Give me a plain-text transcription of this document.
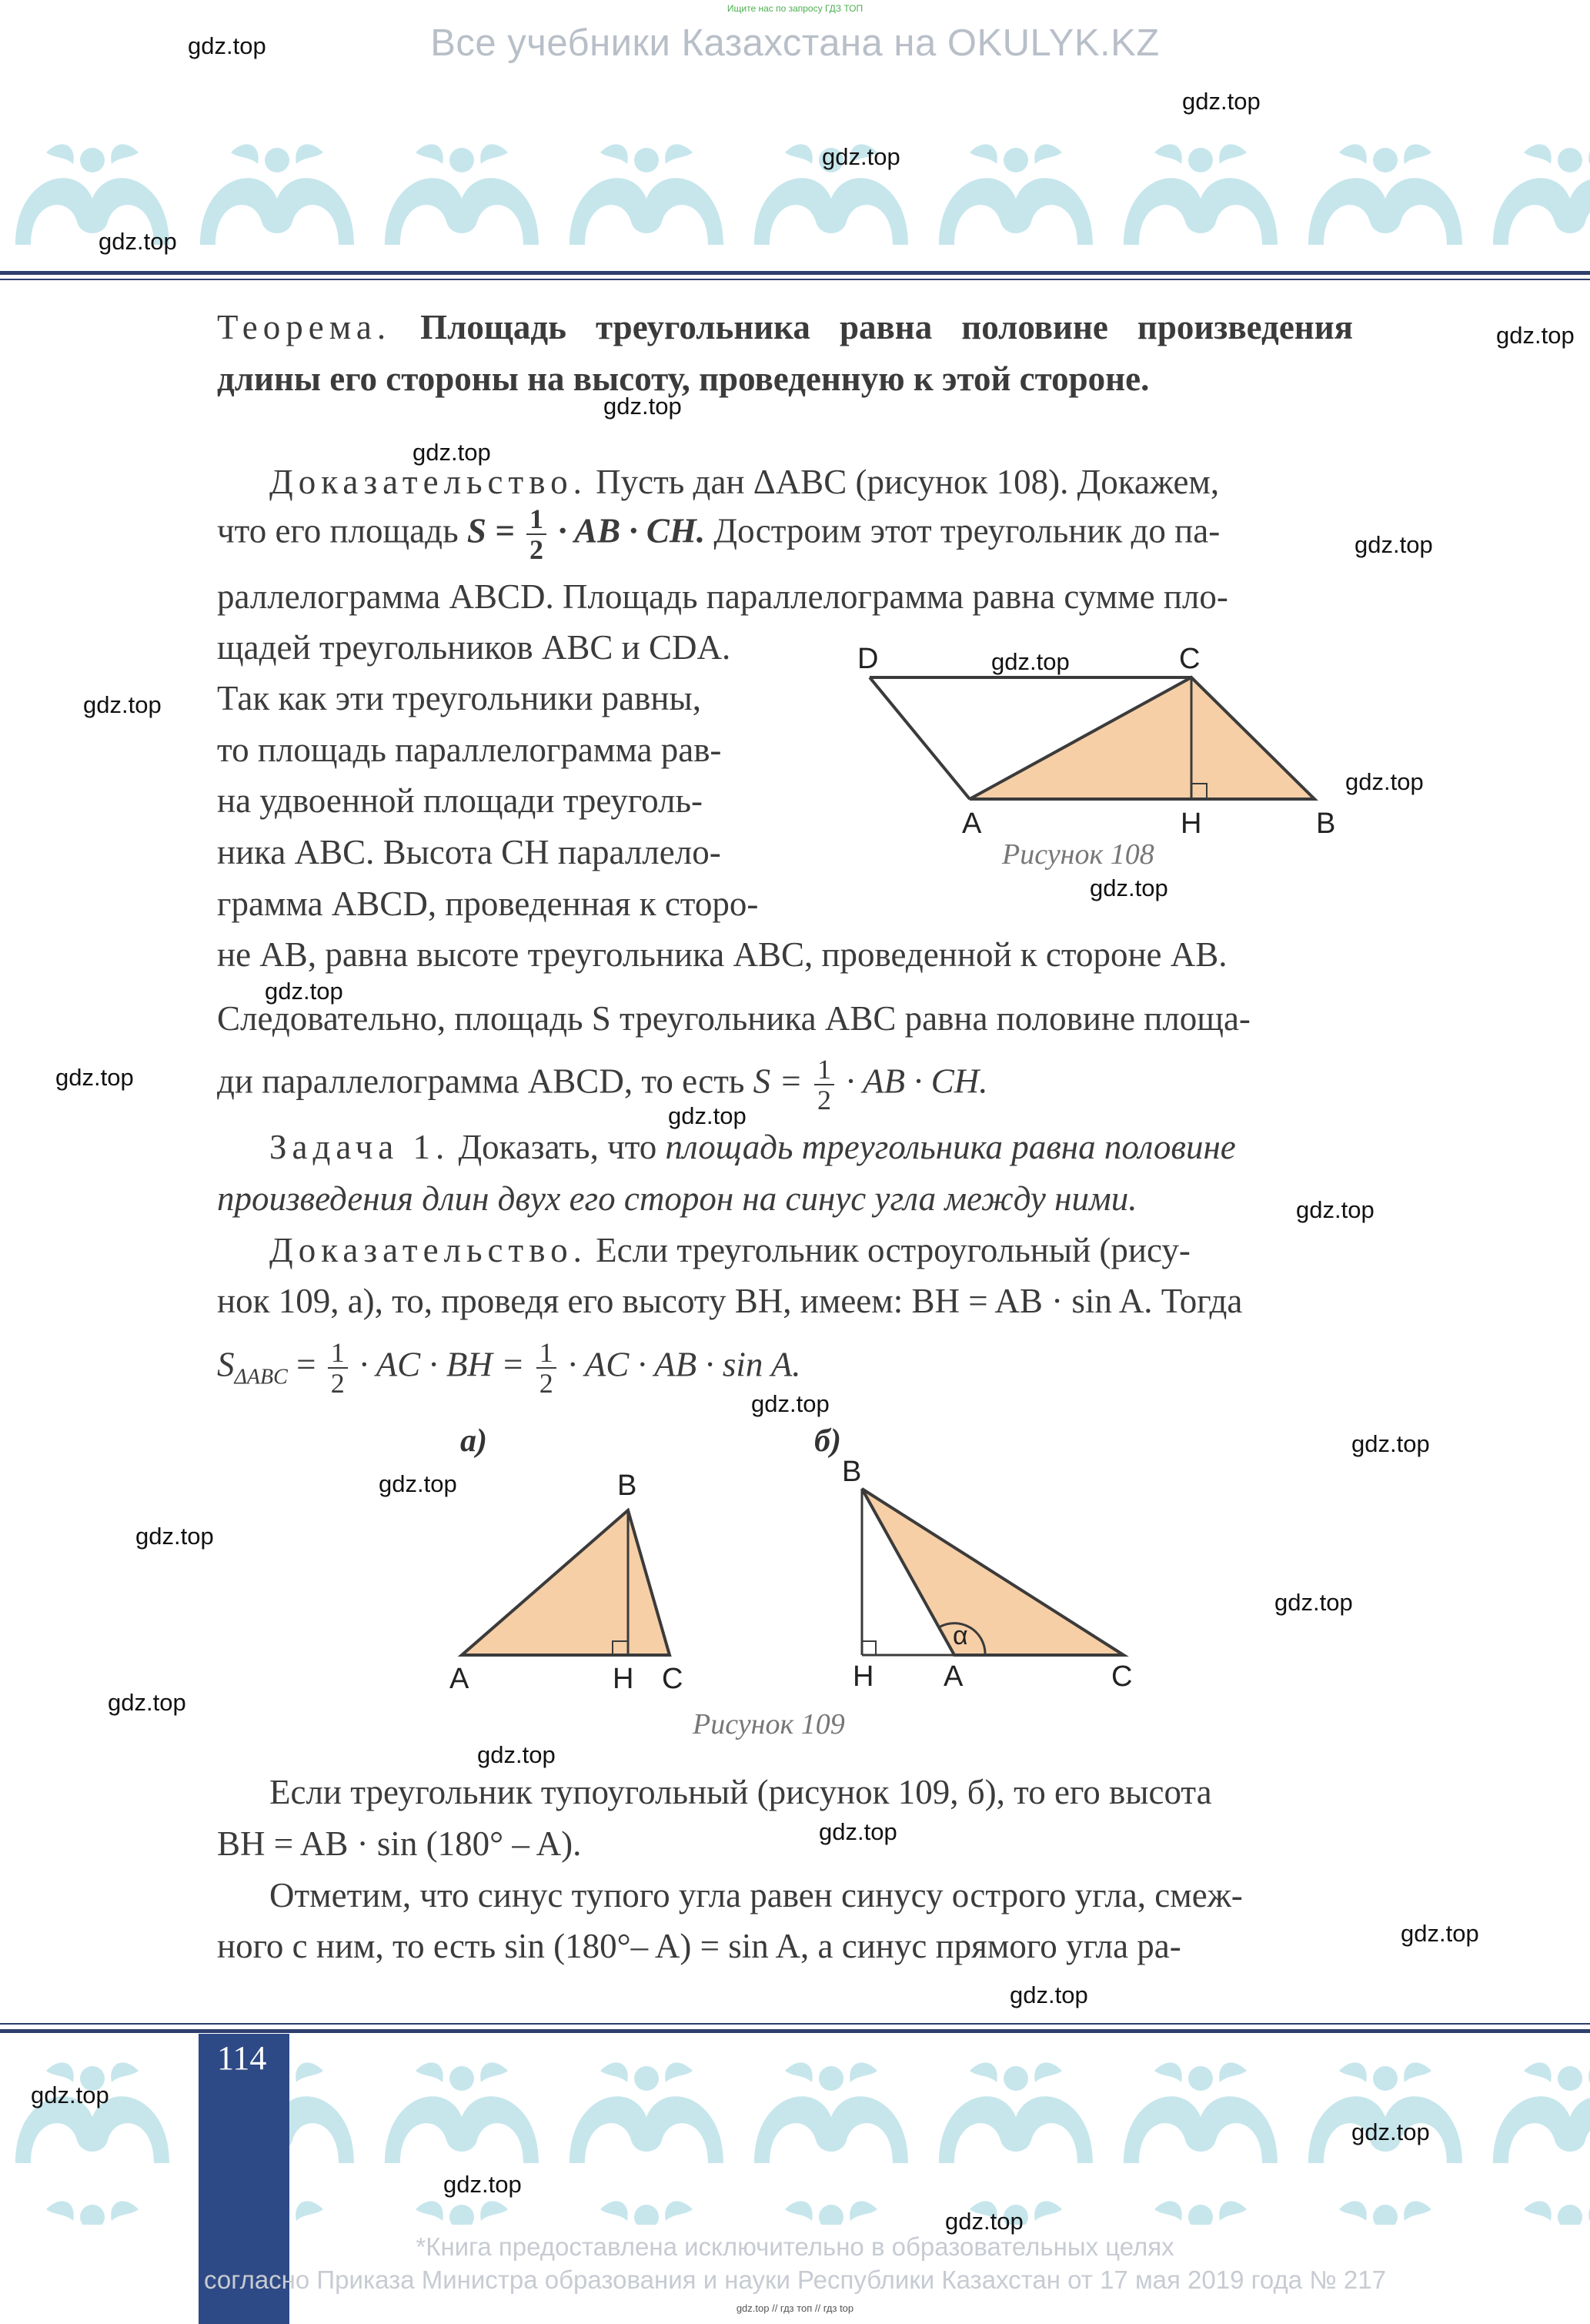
Ищите нас по запросу ГДЗ ТОП
Все учебники Казахстана на OKULYK.KZ
Теорема. Площадь треугольника равна половине произведения длины его стороны на высоту, проведенную к этой стороне.
Доказательство. Пусть дан ΔABC (рисунок 108). Докажем,
что его площадь $S = \frac{1}{2}$ · AB · CH. Достроим этот треугольник до па-
раллелограмма ABCD. Площадь параллелограмма равна сумме пло-
щадей треугольников ABC и CDA.
Так как эти треугольники равны,
то площадь параллелограмма рав-
на удвоенной площади треуголь-
ника ABC. Высота CH параллело-
грамма ABCD, проведенная к сторо-
не AB, равна высоте треугольника ABC, проведенной к стороне AB.
Следовательно, площадь S треугольника ABC равна половине площа-
ди параллелограмма ABCD, то есть $S = \frac{1}{2}$ · AB · CH.
D	C
A	H	B
Рисунок 108
Задача 1. Доказать, что площадь треугольника равна половине
произведения длин двух его сторон на синус угла между ними.
Доказательство. Если треугольник остроугольный (рису-
нок 109, а), то, проведя его высоту BH, имеем: BH = AB · sin A. Тогда
$S_{\Delta ABC} = \frac{1}{2}$ · AC · BH = $\frac{1}{2}$ · AC · AB · sin A.
а)	б)
B
A	H C
α
B
H A	C
Рисунок 109
Если треугольник тупоугольный (рисунок 109, б), то его высота
BH = AB · sin (180° – A).
Отметим, что синус тупого угла равен синусу острого угла, смеж-
ного с ним, то есть sin (180°– A) = sin A, а синус прямого угла ра-
114
*Книга предоставлена исключительно в образовательных целях
согласно Приказа Министра образования и науки Республики Казахстан от 17 мая 2019 года № 217
gdz.top // гдз топ // гдз top
gdz.top
gdz.top
gdz.top
gdz.top
gdz.top
gdz.top
gdz.top
gdz.top
gdz.top
gdz.top
gdz.top
gdz.top
gdz.top
gdz.top
gdz.top
gdz.top
gdz.top
gdz.top
gdz.top
gdz.top
gdz.top
gdz.top
gdz.top
gdz.top
gdz.top
gdz.top
gdz.top
gdz.top
gdz.top
gdz.top
